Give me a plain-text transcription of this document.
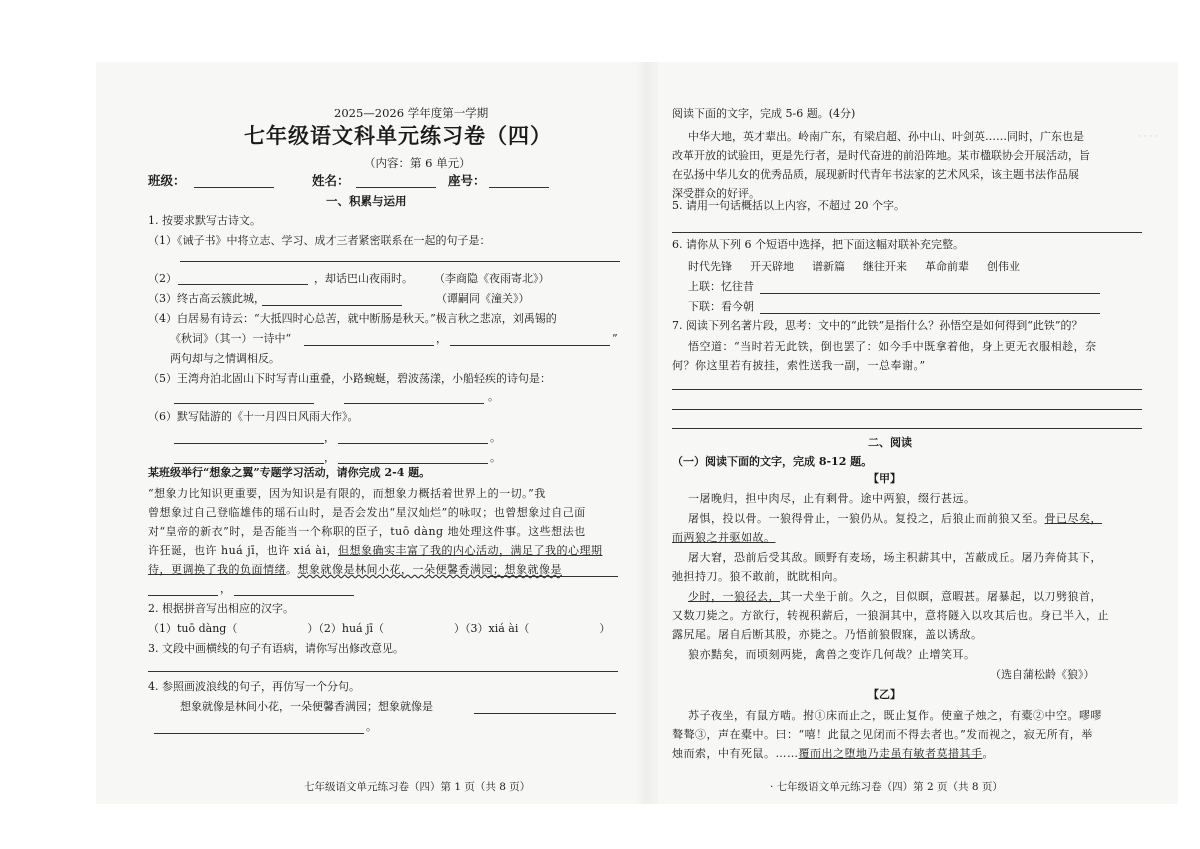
· · · ·
2025—2026 学年度第一学期
七年级语文科单元练习卷（四）
（内容：第 6 单元）
班级：	姓名：	座号：
一、积累与运用
1. 按要求默写古诗文。
（1）《诫子书》中将立志、学习、成才三者紧密联系在一起的句子是：
（2）	，却话巴山夜雨时。 （李商隐《夜雨寄北》）
（3）终古高云簇此城，	（谭嗣同《潼关》）
（4）白居易有诗云：“大抵四时心总苦，就中断肠是秋天。”极言秋之悲凉，刘禹锡的
《秋词》（其一）一诗中“	，	”
两句却与之情调相反。
（5）王湾舟泊北固山下时写青山重叠，小路蜿蜒，碧波荡漾，小船轻疾的诗句是：
。
（6）默写陆游的《十一月四日风雨大作》。
，	。
，	。
某班级举行“想象之翼”专题学习活动，请你完成 2-4 题。
“想象力比知识更重要，因为知识是有限的，而想象力概括着世界上的一切。”我
曾想象过自己登临雄伟的瑶石山时，是否会发出“星汉灿烂”的咏叹；也曾想象过自己面
对“皇帝的新衣”时，是否能当一个称职的臣子，tuō dàng 地处理这件事。这些想法也
许狂诞，也许 huá jī，也许 xiá ài，但想象确实丰富了我的内心活动，满足了我的心理期
待，更调换了我的负面情绪。想象就像是林间小花，一朵便馨香满园；想象就像是
，
2. 根据拼音写出相应的汉字。
（1）tuō dàng（	）（2）huá jī（	）（3）xiá ài（	）
3. 文段中画横线的句子有语病，请你写出修改意见。
4. 参照画波浪线的句子，再仿写一个分句。
想象就像是林间小花，一朵便馨香满园；想象就像是
。
七年级语文单元练习卷（四）第 1 页（共 8 页）
阅读下面的文字，完成 5-6 题。(4分)
中华大地，英才辈出。岭南广东，有梁启超、孙中山、叶剑英……同时，广东也是
改革开放的试验田，更是先行者，是时代奋进的前沿阵地。某市楹联协会开展活动，旨
在弘扬中华儿女的优秀品质，展现新时代青年书法家的艺术风采，该主题书法作品展
深受群众的好评。
5. 请用一句话概括以上内容，不超过 20 个字。
6. 请你从下列 6 个短语中选择，把下面这幅对联补充完整。
时代先锋 开天辟地 谱新篇 继往开来 革命前辈 创伟业
上联：忆往昔
下联：看今朝
7. 阅读下列名著片段，思考：文中的“此铁”是指什么？孙悟空是如何得到“此铁”的？
悟空道：“当时若无此铁，倒也罢了：如今手中既拿着他，身上更无衣服相趁，奈
何？你这里若有披挂，索性送我一副，一总奉谢。”
二、阅读
（一）阅读下面的文字，完成 8-12 题。
【甲】
一屠晚归，担中肉尽，止有剩骨。途中两狼，缀行甚远。
屠惧，投以骨。一狼得骨止，一狼仍从。复投之，后狼止而前狼又至。骨已尽矣，
而两狼之并驱如故。
屠大窘，恐前后受其敌。顾野有麦场，场主积薪其中，苫蔽成丘。屠乃奔倚其下，
弛担持刀。狼不敢前，眈眈相向。
少时，一狼径去，其一犬坐于前。久之，目似瞑，意暇甚。屠暴起，以刀劈狼首，
又数刀毙之。方欲行，转视积薪后，一狼洞其中，意将隧入以攻其后也。身已半入，止
露尻尾。屠自后断其股，亦毙之。乃悟前狼假寐，盖以诱敌。
狼亦黠矣，而顷刻两毙，禽兽之变诈几何哉？止增笑耳。
（选自蒲松龄《狼》）
【乙】
苏子夜坐，有鼠方啮。拊①床而止之，既止复作。使童子烛之，有橐②中空。嘐嘐
聱聱③，声在橐中。曰：“嘻！此鼠之见闭而不得去者也。”发而视之，寂无所有，举
烛而索，中有死鼠。……覆而出之堕地乃走虽有敏者莫措其手。
· 七年级语文单元练习卷（四）第 2 页（共 8 页）
